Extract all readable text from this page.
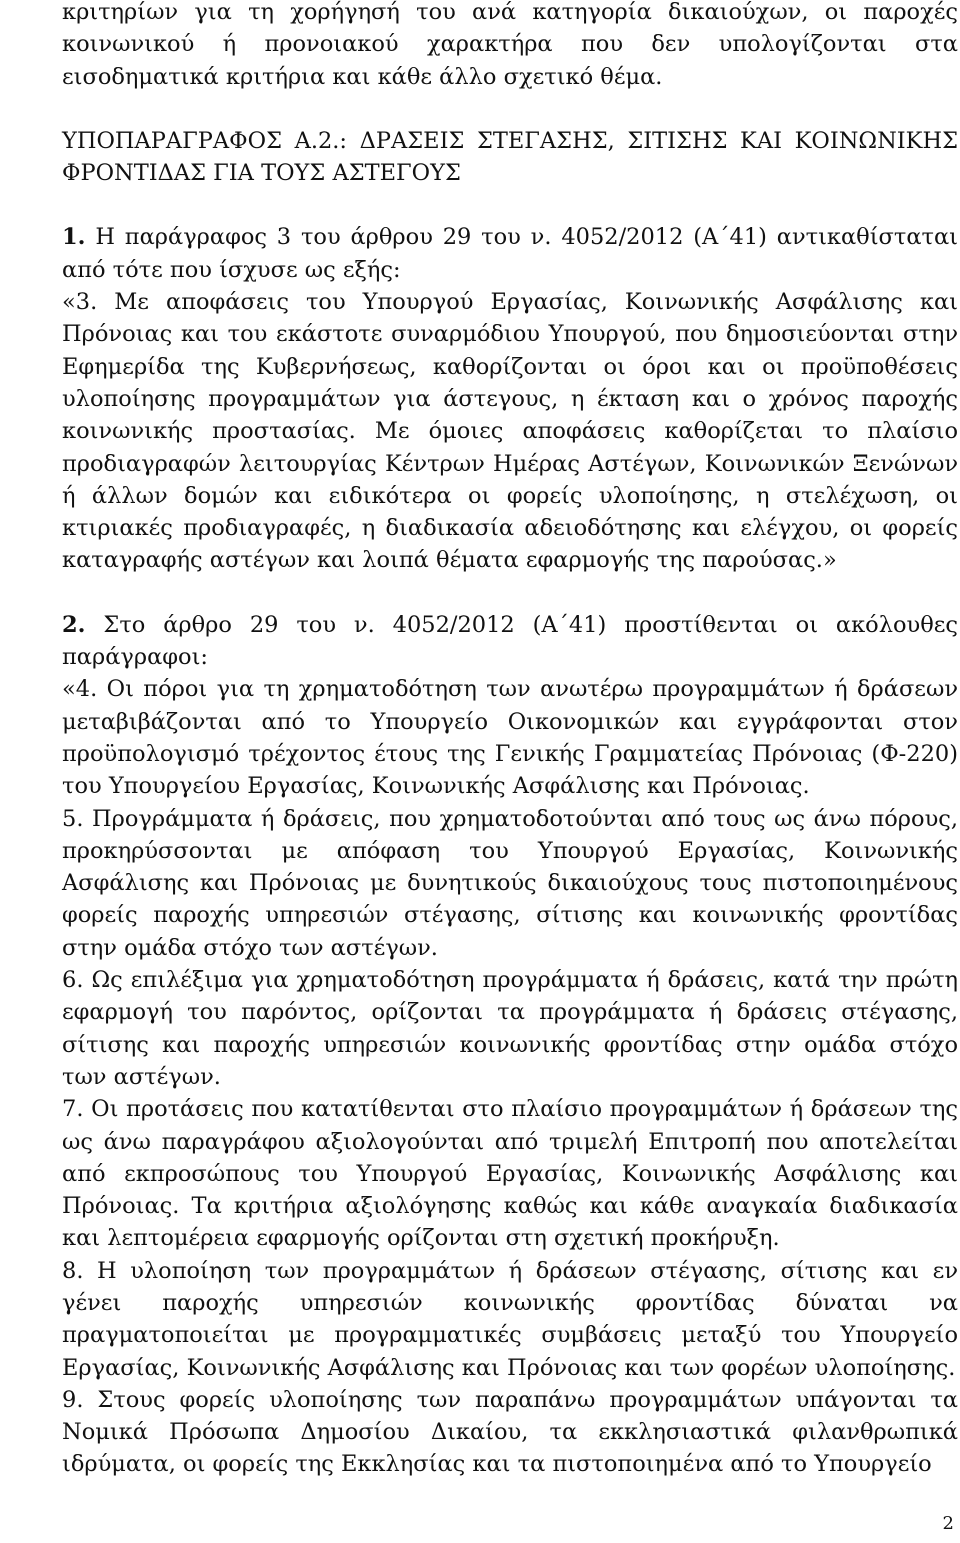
κριτηρίων για τη χορήγησή του ανά κατηγορία δικαιούχων, οι παροχές κοινωνικού ή προνοιακού χαρακτήρα που δεν υπολογίζονται στα εισοδηματικά κριτήρια και κάθε άλλο σχετικό θέμα.

ΥΠΟΠΑΡΑΓΡΑΦΟΣ Α.2.: ΔΡΑΣΕΙΣ ΣΤΕΓΑΣΗΣ, ΣΙΤΙΣΗΣ ΚΑΙ ΚΟΙΝΩΝΙΚΗΣ ΦΡΟΝΤΙΔΑΣ ΓΙΑ ΤΟΥΣ ΑΣΤΕΓΟΥΣ

1. Η παράγραφος 3 του άρθρου 29 του ν. 4052/2012 (Α΄41) αντικαθίσταται από τότε που ίσχυσε ως εξής:

«3. Με αποφάσεις του Υπουργού Εργασίας, Κοινωνικής Ασφάλισης και Πρόνοιας και του εκάστοτε συναρμόδιου Υπουργού, που δημοσιεύονται στην Εφημερίδα της Κυβερνήσεως, καθορίζονται οι όροι και οι προϋποθέσεις υλοποίησης προγραμμάτων για άστεγους, η έκταση και ο χρόνος παροχής κοινωνικής προστασίας. Με όμοιες αποφάσεις καθορίζεται το πλαίσιο προδιαγραφών λειτουργίας Κέντρων Ημέρας Αστέγων, Κοινωνικών Ξενώνων ή άλλων δομών και ειδικότερα οι φορείς υλοποίησης, η στελέχωση, οι κτιριακές προδιαγραφές, η διαδικασία αδειοδότησης και ελέγχου, οι φορείς καταγραφής αστέγων και λοιπά θέματα εφαρμογής της παρούσας.»

2. Στο άρθρο 29 του ν. 4052/2012 (Α΄41) προστίθενται οι ακόλουθες παράγραφοι:

«4. Οι πόροι για τη χρηματοδότηση των ανωτέρω προγραμμάτων ή δράσεων μεταβιβάζονται από το Υπουργείο Οικονομικών και εγγράφονται στον προϋπολογισμό τρέχοντος έτους της Γενικής Γραμματείας Πρόνοιας (Φ-220) του Υπουργείου Εργασίας, Κοινωνικής Ασφάλισης και Πρόνοιας.

5. Προγράμματα ή δράσεις, που χρηματοδοτούνται από τους ως άνω πόρους, προκηρύσσονται με απόφαση του Υπουργού Εργασίας, Κοινωνικής Ασφάλισης και Πρόνοιας με δυνητικούς δικαιούχους τους πιστοποιημένους φορείς παροχής υπηρεσιών στέγασης, σίτισης και κοινωνικής φροντίδας στην ομάδα στόχο των αστέγων.

6. Ως επιλέξιμα για χρηματοδότηση προγράμματα ή δράσεις, κατά την πρώτη εφαρμογή του παρόντος, ορίζονται τα προγράμματα ή δράσεις στέγασης, σίτισης και παροχής υπηρεσιών κοινωνικής φροντίδας στην ομάδα στόχο των αστέγων.

7. Οι προτάσεις που κατατίθενται στο πλαίσιο προγραμμάτων ή δράσεων της ως άνω παραγράφου αξιολογούνται από τριμελή Επιτροπή που αποτελείται από εκπροσώπους του Υπουργού Εργασίας, Κοινωνικής Ασφάλισης και Πρόνοιας. Τα κριτήρια αξιολόγησης καθώς και κάθε αναγκαία διαδικασία και λεπτομέρεια εφαρμογής ορίζονται στη σχετική προκήρυξη.

8. Η υλοποίηση των προγραμμάτων ή δράσεων στέγασης, σίτισης και εν γένει παροχής υπηρεσιών κοινωνικής φροντίδας δύναται να πραγματοποιείται με προγραμματικές συμβάσεις μεταξύ του Υπουργείο Εργασίας, Κοινωνικής Ασφάλισης και Πρόνοιας και των φορέων υλοποίησης.

9. Στους φορείς υλοποίησης των παραπάνω προγραμμάτων υπάγονται τα Νομικά Πρόσωπα Δημοσίου Δικαίου, τα εκκλησιαστικά φιλανθρωπικά ιδρύματα, οι φορείς της Εκκλησίας και τα πιστοποιημένα από το Υπουργείο

2
